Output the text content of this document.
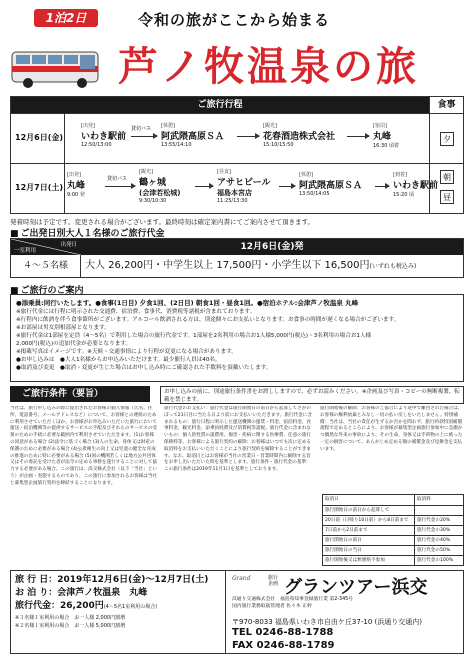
1泊2日	令和の旅がここから始まる
芦ノ牧温泉の旅
ご旅行行程	食事
12月6日(金)
[出発]
いわき駅前
12:50/13:00
貸切バス [休憩]
阿武隈高原ＳＡ
13:55/14:10
[観光]
花春酒造株式会社
15:10/15:50
[宿泊]
丸峰
16:30 頃着
夕
12月7日(土)
[出発]
丸峰
9:00 発
貸切バス
[観光]
鶴ヶ城
(会津若松城)
9:30/10:30
[昼食]
アサヒビール
福島本宮店
11:25/13:30
[休憩]
阿武隈高原ＳＡ
13:50/14:05
[到着]
いわき駅前
15:20 頃
朝
昼
発着時刻は予定です。変更される場合がございます。最終時刻は確定案内書にてご案内させて頂きます。
■ ご出発日別大人１名様のご旅行代金
出発日
一室利用	12月6日(金)発
４～５名様	大人 26,200円・中学生以上 17,500円・小学生以下 16,500円(いずれも税込み)
■ ご旅行のご案内

●添乗員:同行いたします。●食事(1日目) 夕食1回、(2日目) 朝食1回・昼食1回。●宿泊ホテル:会津芦ノ牧温泉 丸峰

※旅行代金には行程に明示された交通費、宿泊費、食事代、消費税等諸税が含まれております。

※行程内に飲酒を伴う食事箇所がございます。アルコール飲酒される方は、別途個々にお支払いとなります。お食事の時間が遅くなる場合がございます。

※お部屋は男女別相部屋となります。

※旅行代金は1部屋を定員（4～5名）で利用した場合の旅行代金です。1部屋を2名利用の場合お1人様5,000円(税込)・3名利用の場合お1人様

2,000円(税込)の追加代金が必要となります。

※掲載写真はイメージです。※天候・交通事情により行程が変更になる場合があります。

●お申し込みは　●大人1名様からお申込みいただけます。最少催行人員は40名。

●取消及び変更　●取消・変更が生じた場合はお申し込み時にご確認された手数料を頂戴いたします。

ご旅行条件（要旨）	お申し込みの前に、別途旅行条件書をお渡ししますので、必ずお読みください。※企画及び写真・コピーの無断複製、転載を禁じます。
当社は、旅行申し込みの際に提出されたお客様の個人情報（氏名、住所、電話番号、メールアドレスなど）について、お客様との連絡のために利用させていただくほか、お客様がお申込みいただいた旅行において運送・宿泊機関等の提供するサービスの手配及びそれらのサービスの受領のための手続に必要な範囲内で利用させていただきます。(1)お客様の同意がある場合 (2)法令に基づく場合 (3)人の生命、身体又は財産の保護のために必要がある場合 (4)公衆衛生の向上又は児童の健全な育成の推進のために特に必要がある場合 (5)国の機関若しくは地方公共団体又はその委託を受けた者が法令の定める事務を遂行することに対して協力する必要がある場合。この旅行は、浜交株式会社（以下「当社」という）が企画・実施するものであり、この旅行に参加されるお客様は当社と募集型企画旅行契約を締結することになります。
旅行代金のお支払い：旅行代金は旅行開始日の前日から起算してさかのぼって21日目に当たる日より前にお支払いいただきます。旅行代金に含まれるもの：旅行日程に明示した運送機関の運賃・料金、宿泊料金、食事料金、観光料金、添乗員経費及び消費税等諸税。旅行代金に含まれないもの：個人的性質の諸費用、傷害・疾病に関する医療費、任意の旅行保険料等。お客様による旅行契約の解除：お客様はいつでも次に定める取消料をお支払いいただくことにより旅行契約を解除することができます。なお、取消日とはお客様が当社の営業日・営業時間内に解除する旨をお申し出いただいた時を基準とします。旅行条件・旅行代金の基準：この旅行条件は2019年11月1日を基準としております。
旅行開始後の解除：お客様のご都合により途中で離団された場合は、お客様の権利放棄とみなし一切の払い戻しをいたしません。特別補償：当社は、当社の責任が生ずるか否かを問わず、旅行約款特別補償規程で定めるところにより、お客様が募集型企画旅行参加中に急激かつ偶然な外来の事故により、その生命、身体又は手荷物の上に被った一定の損害について、あらかじめ定める額の補償金及び見舞金を支払います。
取消日	取消料
旅行開始日の前日から起算して
20日前（日帰り10日前）から8日前まで	旅行代金の20%
7日前から2日前まで	旅行代金の30%
旅行開始日の前日	旅行代金の40%
旅行開始日の当日	旅行代金の50%
旅行開始後又は無連絡不参加	旅行代金の100%
旅 行 日：2019年12月6日(金)～12月7日(土)
お 泊 り：会津芦ノ牧温泉　丸峰
旅行代金：26,200円(4～5名1室利用の場合)
※３名様１室利用の場合　お一人様 2,000円割増
※２名様１室利用の場合　お一人様 5,000円割増
Grand	旅行企画 グランツアー浜交
浜通り交通株式会社　福島県知事登録旅行業 第2-345号
国内旅行業務取扱管理者 佐々木 正幹
〒970-8033 福島県いわき市自由ケ丘37-10 (浜通り交通内)
TEL 0246-88-1788
FAX 0246-88-1789
